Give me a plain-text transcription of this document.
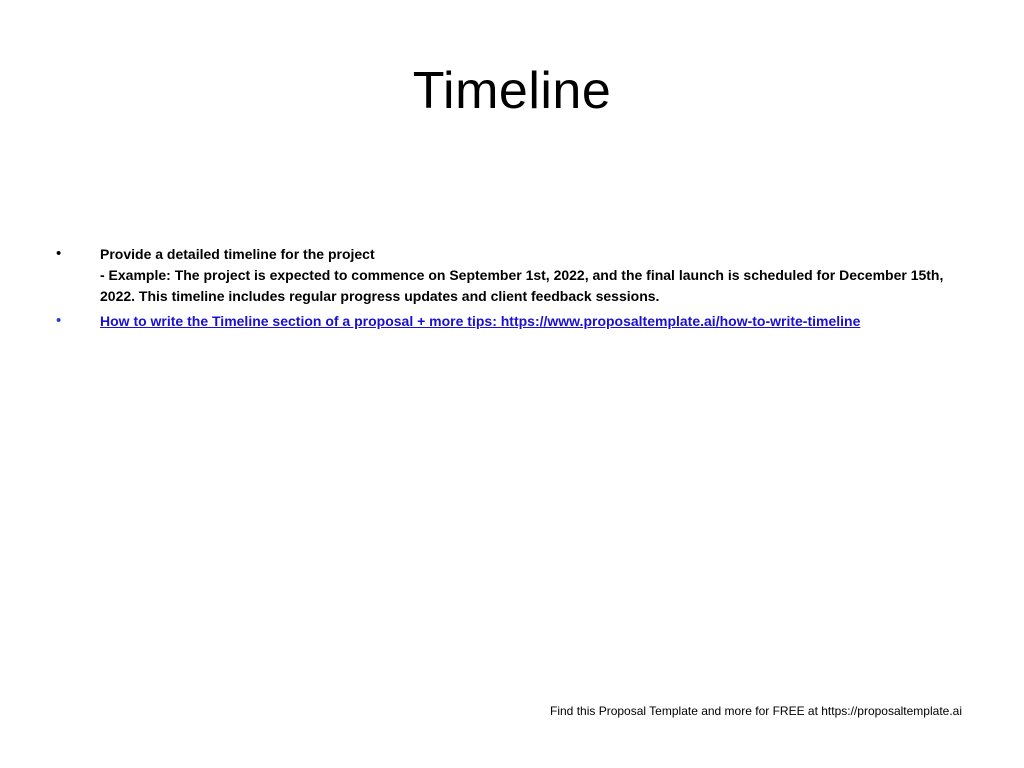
Timeline
•	Provide a detailed timeline for the project
- Example: The project is expected to commence on September 1st, 2022, and the final launch is scheduled for December 15th, 2022. This timeline includes regular progress updates and client feedback sessions.
•	How to write the Timeline section of a proposal + more tips: https://www.proposaltemplate.ai/how-to-write-timeline
Find this Proposal Template and more for FREE at https://proposaltemplate.ai
